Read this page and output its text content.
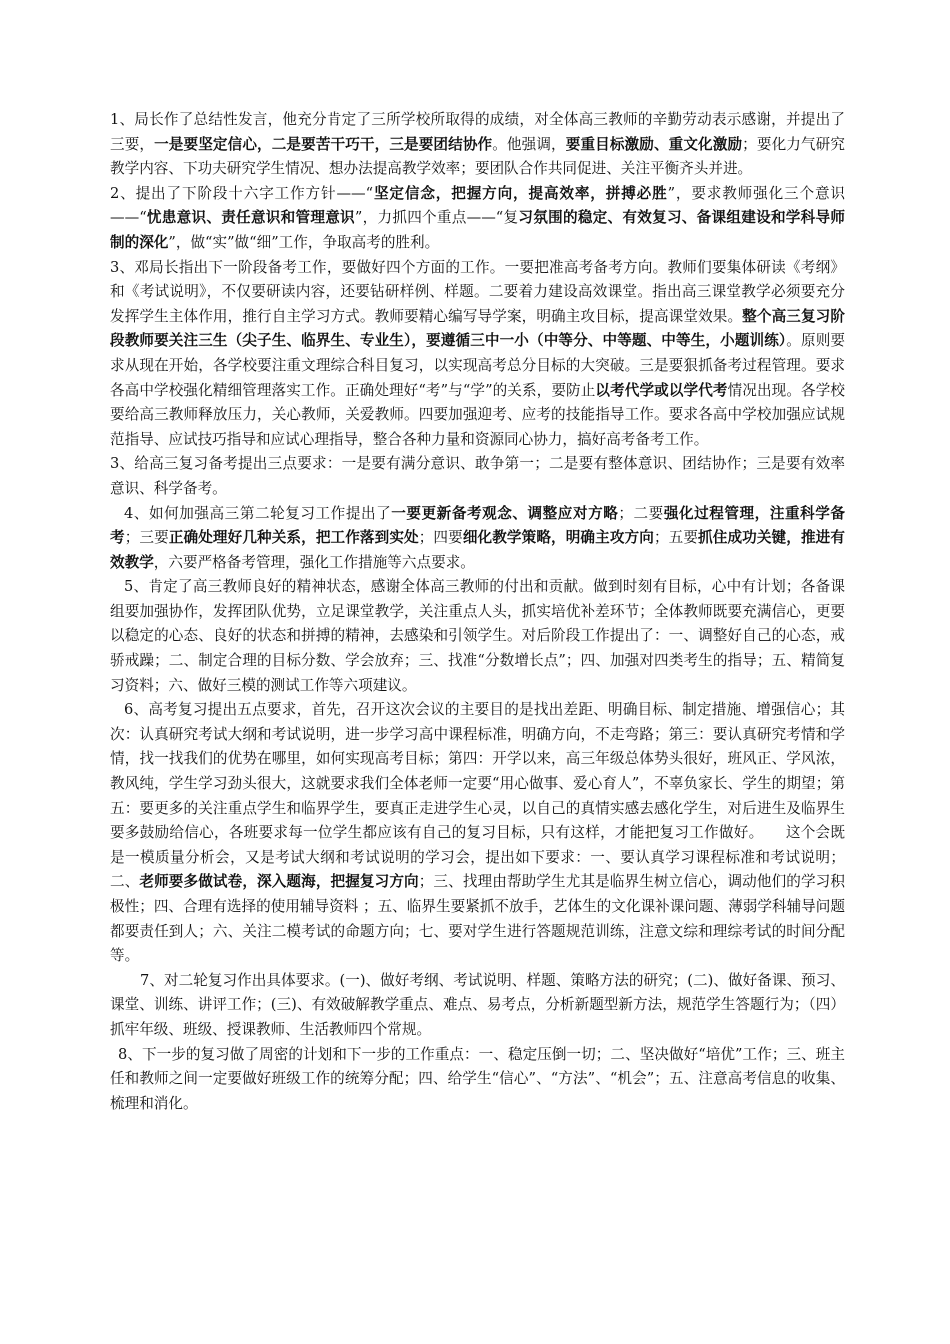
1、局长作了总结性发言，他充分肯定了三所学校所取得的成绩，对全体高三教师的辛勤劳动表示感谢，并提出了三要，一是要坚定信心，二是要苦干巧干，三是要团结协作。他强调，要重目标激励、重文化激励；要化力气研究教学内容、下功夫研究学生情况、想办法提高教学效率；要团队合作共同促进、关注平衡齐头并进。

2、提出了下阶段十六字工作方针——“坚定信念，把握方向，提高效率，拼搏必胜”，要求教师强化三个意识——“忧患意识、责任意识和管理意识”，力抓四个重点——“复习氛围的稳定、有效复习、备课组建设和学科导师制的深化”，做“实”做“细”工作，争取高考的胜利。

3、邓局长指出下一阶段备考工作，要做好四个方面的工作。一要把准高考备考方向。教师们要集体研读《考纲》和《考试说明》，不仅要研读内容，还要钻研样例、样题。二要着力建设高效课堂。指出高三课堂教学必须要充分发挥学生主体作用，推行自主学习方式。教师要精心编写导学案，明确主攻目标，提高课堂效果。整个高三复习阶段教师要关注三生（尖子生、临界生、专业生），要遵循三中一小（中等分、中等题、中等生，小题训练）。原则要求从现在开始，各学校要注重文理综合科目复习，以实现高考总分目标的大突破。三是要狠抓备考过程管理。要求各高中学校强化精细管理落实工作。正确处理好“考”与“学”的关系，要防止以考代学或以学代考情况出现。各学校要给高三教师释放压力，关心教师，关爱教师。四要加强迎考、应考的技能指导工作。要求各高中学校加强应试规范指导、应试技巧指导和应试心理指导，整合各种力量和资源同心协力，搞好高考备考工作。

3、给高三复习备考提出三点要求：一是要有满分意识、敢争第一；二是要有整体意识、团结协作；三是要有效率意识、科学备考。

4、如何加强高三第二轮复习工作提出了一要更新备考观念、调整应对方略；二要强化过程管理，注重科学备考；三要正确处理好几种关系，把工作落到实处；四要细化教学策略，明确主攻方向；五要抓住成功关键，推进有效教学，六要严格备考管理，强化工作措施等六点要求。

5、肯定了高三教师良好的精神状态，感谢全体高三教师的付出和贡献。做到时刻有目标，心中有计划；各备课组要加强协作，发挥团队优势，立足课堂教学，关注重点人头，抓实培优补差环节；全体教师既要充满信心，更要以稳定的心态、良好的状态和拼搏的精神，去感染和引领学生。对后阶段工作提出了：一、调整好自己的心态，戒骄戒躁；二、制定合理的目标分数、学会放弃；三、找准“分数增长点”；四、加强对四类考生的指导；五、精简复习资料；六、做好三模的测试工作等六项建议。

6、高考复习提出五点要求，首先，召开这次会议的主要目的是找出差距、明确目标、制定措施、增强信心；其次：认真研究考试大纲和考试说明，进一步学习高中课程标准，明确方向，不走弯路；第三：要认真研究考情和学情，找一找我们的优势在哪里，如何实现高考目标；第四：开学以来，高三年级总体势头很好，班风正、学风浓，教风纯，学生学习劲头很大，这就要求我们全体老师一定要“用心做事、爱心育人”，不辜负家长、学生的期望；第五：要更多的关注重点学生和临界学生，要真正走进学生心灵，以自己的真情实感去感化学生，对后进生及临界生要多鼓励给信心，各班要求每一位学生都应该有自己的复习目标，只有这样，才能把复习工作做好。　　这个会既是一模质量分析会，又是考试大纲和考试说明的学习会，提出如下要求：一、要认真学习课程标准和考试说明；二、老师要多做试卷，深入题海，把握复习方向；三、找理由帮助学生尤其是临界生树立信心，调动他们的学习积极性；四、合理有选择的使用辅导资料 ；五、临界生要紧抓不放手，艺体生的文化课补课问题、薄弱学科辅导问题都要责任到人；六、关注二模考试的命题方向；七、要对学生进行答题规范训练，注意文综和理综考试的时间分配等。

7、对二轮复习作出具体要求。(一)、做好考纲、考试说明、样题、策略方法的研究；(二)、做好备课、预习、课堂、训练、讲评工作；(三)、有效破解教学重点、难点、易考点，分析新题型新方法，规范学生答题行为；（四）抓牢年级、班级、授课教师、生活教师四个常规。

8、下一步的复习做了周密的计划和下一步的工作重点：一、稳定压倒一切；二、坚决做好“培优”工作；三、班主任和教师之间一定要做好班级工作的统筹分配；四、给学生“信心”、“方法”、“机会”；五、注意高考信息的收集、梳理和消化。
